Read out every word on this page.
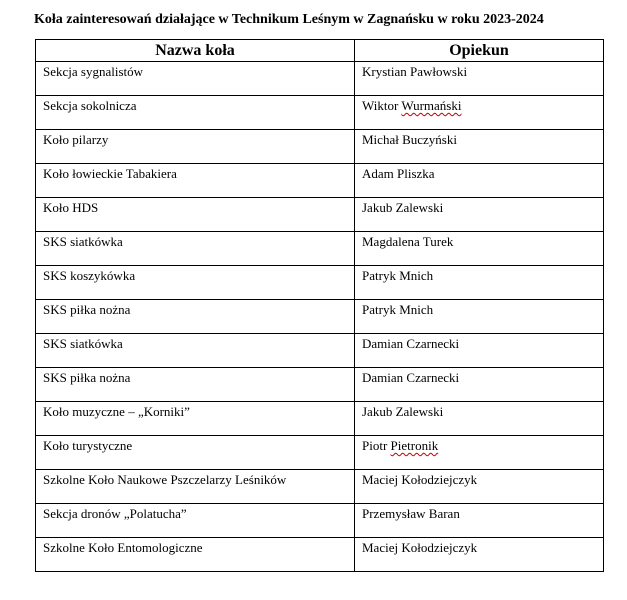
Koła zainteresowań działające w Technikum Leśnym w Zagnańsku w roku 2023-2024
Nazwa koła	Opiekun
Sekcja sygnalistów	Krystian Pawłowski
Sekcja sokolnicza	Wiktor Wurmański
Koło pilarzy	Michał Buczyński
Koło łowieckie Tabakiera	Adam Pliszka
Koło HDS	Jakub Zalewski
SKS siatkówka	Magdalena Turek
SKS koszykówka	Patryk Mnich
SKS piłka nożna	Patryk Mnich
SKS siatkówka	Damian Czarnecki
SKS piłka nożna	Damian Czarnecki
Koło muzyczne – „Korniki”	Jakub Zalewski
Koło turystyczne	Piotr Pietronik
Szkolne Koło Naukowe Pszczelarzy Leśników	Maciej Kołodziejczyk
Sekcja dronów „Polatucha”	Przemysław Baran
Szkolne Koło Entomologiczne	Maciej Kołodziejczyk
